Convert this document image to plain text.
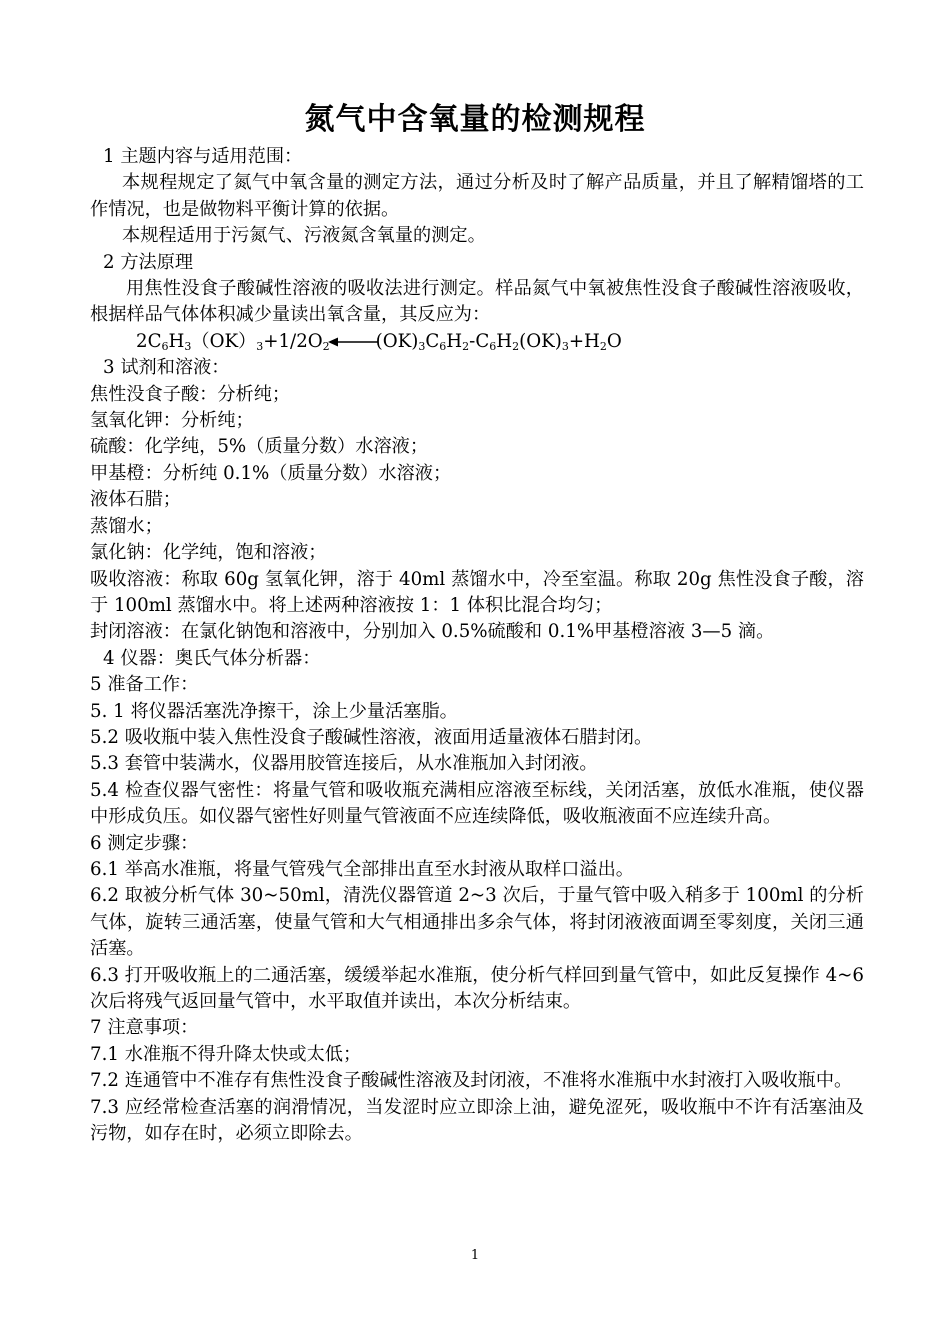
氮气中含氧量的检测规程

1 主题内容与适用范围：

本规程规定了氮气中氧含量的测定方法，通过分析及时了解产品质量，并且了解精馏塔的工作情况，也是做物料平衡计算的依据。

本规程适用于污氮气、污液氮含氧量的测定。

2 方法原理

用焦性没食子酸碱性溶液的吸收法进行测定。样品氮气中氧被焦性没食子酸碱性溶液吸收，根据样品气体体积减少量读出氧含量，其反应为：

$2C_6H_3(OK)_3+1/2O_2$	$(OK)_3C_6H_2-C_6H_2(OK)_3+H_2O$

3 试剂和溶液：

焦性没食子酸：分析纯；

氢氧化钾：分析纯；

硫酸：化学纯，5%（质量分数）水溶液；

甲基橙：分析纯 0.1%（质量分数）水溶液；

液体石腊；

蒸馏水；

氯化钠：化学纯，饱和溶液；

吸收溶液：称取 60g 氢氧化钾，溶于 40ml 蒸馏水中，冷至室温。称取 20g 焦性没食子酸，溶于 100ml 蒸馏水中。将上述两种溶液按 1：1 体积比混合均匀；

封闭溶液：在氯化钠饱和溶液中，分别加入 0.5%硫酸和 0.1%甲基橙溶液 3—5 滴。

4 仪器：奥氏气体分析器：

5 准备工作：

5. 1 将仪器活塞洗净擦干，涂上少量活塞脂。

5.2 吸收瓶中装入焦性没食子酸碱性溶液，液面用适量液体石腊封闭。

5.3 套管中装满水，仪器用胶管连接后，从水准瓶加入封闭液。

5.4 检查仪器气密性：将量气管和吸收瓶充满相应溶液至标线，关闭活塞，放低水准瓶，使仪器中形成负压。如仪器气密性好则量气管液面不应连续降低，吸收瓶液面不应连续升高。

6 测定步骤：

6.1 举高水准瓶，将量气管残气全部排出直至水封液从取样口溢出。

6.2 取被分析气体 30~50ml，清洗仪器管道 2~3 次后，于量气管中吸入稍多于 100ml 的分析气体，旋转三通活塞，使量气管和大气相通排出多余气体，将封闭液液面调至零刻度，关闭三通活塞。

6.3 打开吸收瓶上的二通活塞，缓缓举起水准瓶，使分析气样回到量气管中，如此反复操作 4~6 次后将残气返回量气管中，水平取值并读出，本次分析结束。

7 注意事项：

7.1 水准瓶不得升降太快或太低；

7.2 连通管中不准存有焦性没食子酸碱性溶液及封闭液，不准将水准瓶中水封液打入吸收瓶中。

7.3 应经常检查活塞的润滑情况，当发涩时应立即涂上油，避免涩死，吸收瓶中不许有活塞油及污物，如存在时，必须立即除去。

1
